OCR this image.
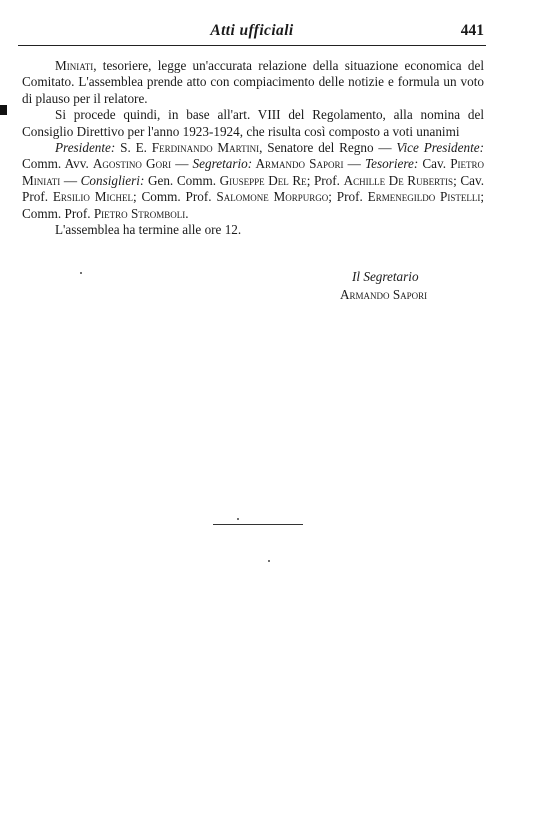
Atti ufficiali	441

Miniati, tesoriere, legge un'accurata relazione della situazione economica del Comitato. L'assemblea prende atto con compiacimento delle notizie e formula un voto di plauso per il relatore.

Si procede quindi, in base all'art. VIII del Regolamento, alla nomina del Consiglio Direttivo per l'anno 1923-1924, che risulta così composto a voti unanimi

Presidente: S. E. Ferdinando Martini, Senatore del Regno — Vice Presidente: Comm. Avv. Agostino Gori — Segretario: Armando Sapori — Tesoriere: Cav. Pietro Miniati — Consiglieri: Gen. Comm. Giuseppe Del Re; Prof. Achille De Rubertis; Cav. Prof. Ersilio Michel; Comm. Prof. Salomone Morpurgo; Prof. Ermenegildo Pistelli; Comm. Prof. Pietro Stromboli.

L'assemblea ha termine alle ore 12.

Il Segretario
Armando Sapori
